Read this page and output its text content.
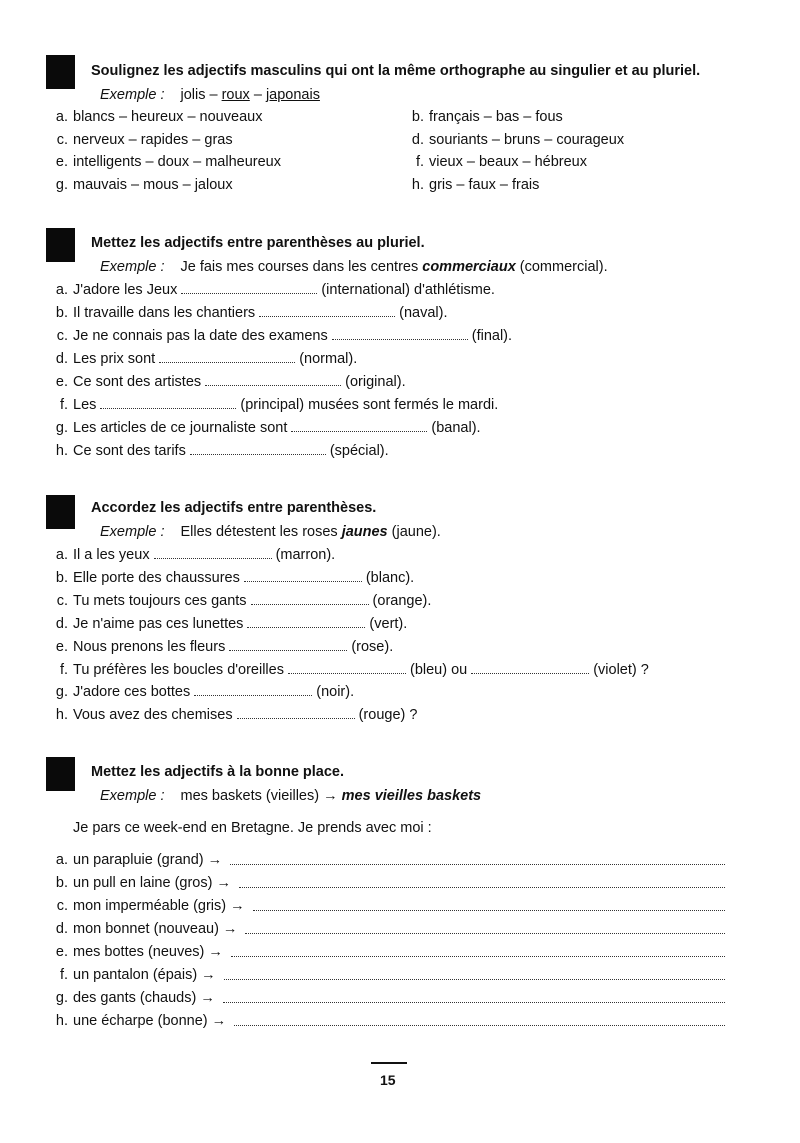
Soulignez les adjectifs masculins qui ont la même orthographe au singulier et au pluriel.
Exemple : jolis – roux – japonais
a. blancs – heureux – nouveaux	b. français – bas – fous
c. nerveux – rapides – gras	d. souriants – bruns – courageux
e. intelligents – doux – malheureux	f. vieux – beaux – hébreux
g. mauvais – mous – jaloux	h. gris – faux – frais
Mettez les adjectifs entre parenthèses au pluriel.
Exemple : Je fais mes courses dans les centres commerciaux (commercial).
a. J'adore les Jeux	(international) d'athlétisme.
b. Il travaille dans les chantiers	(naval).
c. Je ne connais pas la date des examens	(final).
d. Les prix sont	(normal).
e. Ce sont des artistes	(original).
f. Les	(principal) musées sont fermés le mardi.
g. Les articles de ce journaliste sont	(banal).
h. Ce sont des tarifs	(spécial).
Accordez les adjectifs entre parenthèses.
Exemple : Elles détestent les roses jaunes (jaune).
a. Il a les yeux	(marron).
b. Elle porte des chaussures	(blanc).
c. Tu mets toujours ces gants	(orange).
d. Je n'aime pas ces lunettes	(vert).
e. Nous prenons les fleurs	(rose).
f. Tu préfères les boucles d'oreilles	(bleu) ou	(violet) ?
g. J'adore ces bottes	(noir).
h. Vous avez des chemises	(rouge) ?
Mettez les adjectifs à la bonne place.
Exemple : mes baskets (vieilles) → mes vieilles baskets
Je pars ce week-end en Bretagne. Je prends avec moi :
a. un parapluie (grand) →
b. un pull en laine (gros) →
c. mon imperméable (gris) →
d. mon bonnet (nouveau) →
e. mes bottes (neuves) →
f. un pantalon (épais) →
g. des gants (chauds) →
h. une écharpe (bonne) →
15
